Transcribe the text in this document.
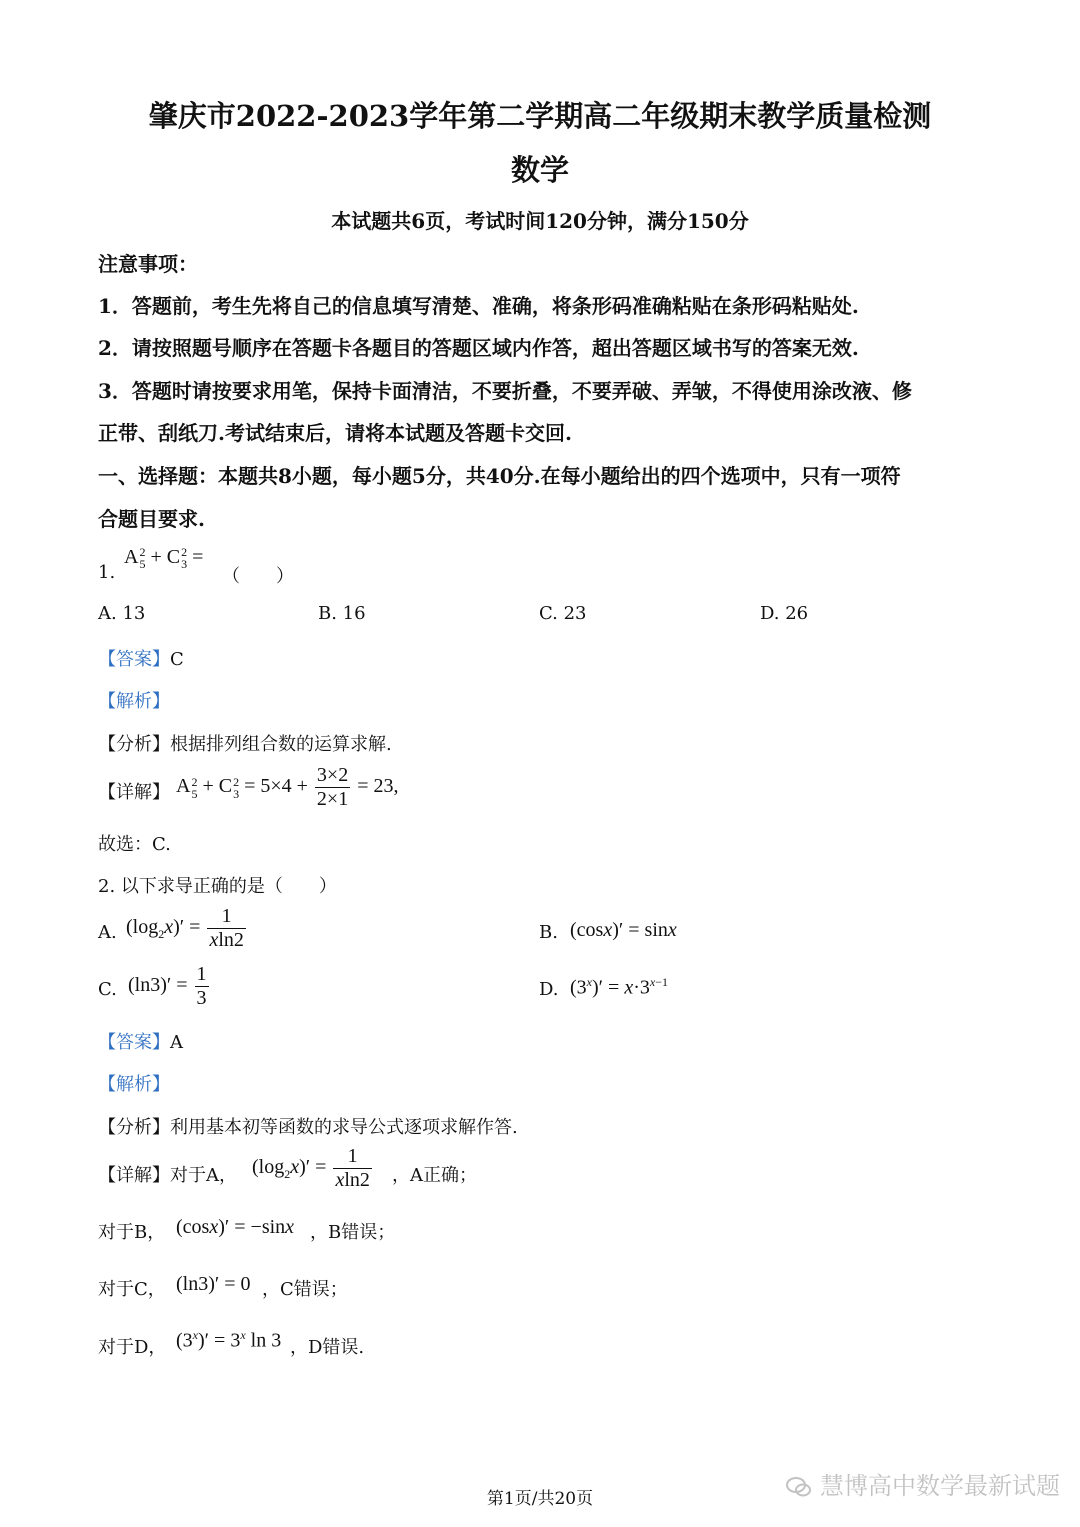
肇庆市2022-2023学年第二学期高二年级期末教学质量检测
数学
本试题共6页，考试时间120分钟，满分150分
注意事项：
1．答题前，考生先将自己的信息填写清楚、准确，将条形码准确粘贴在条形码粘贴处.
2．请按照题号顺序在答题卡各题目的答题区域内作答，超出答题区域书写的答案无效.
3．答题时请按要求用笔，保持卡面清洁，不要折叠，不要弄破、弄皱，不得使用涂改液、修
正带、刮纸刀.考试结束后，请将本试题及答题卡交回.
一、选择题：本题共8小题，每小题5分，共40分.在每小题给出的四个选项中，只有一项符
合题目要求.
1.
A 2
5 + C 2
3 =
（　　）
A. 13	B. 16	C. 23	D. 26
【答案】C
【解析】
【分析】根据排列组合数的运算求解.
【详解】 A 2
5 + C 2
$3 = 5\times 4 + \frac{3\times 2}{2\times 1} = 23$,
故选：C.
2. 以下求导正确的是（　　）
A. $(\log_2x)' = \frac{1}{xln2}$	B. (cosx)′ = sinx
C. $(\ln 3)' = \frac{1}{3}$	D. $(3^x)' = x\cdot 3^{x-1}$
【答案】A
【解析】
【分析】利用基本初等函数的求导公式逐项求解作答.
【详解】对于A， $(\log_2x)' = \frac{1}{xln2}$ ，A正确；
对于B， (cosx)′ = −sinx ，B错误；
对于C， (ln3)′ = 0 ，C错误；
对于D， $(3^x)' = 3^x$ ln 3 ，D错误.
第1页/共20页	慧博高中数学最新试题
